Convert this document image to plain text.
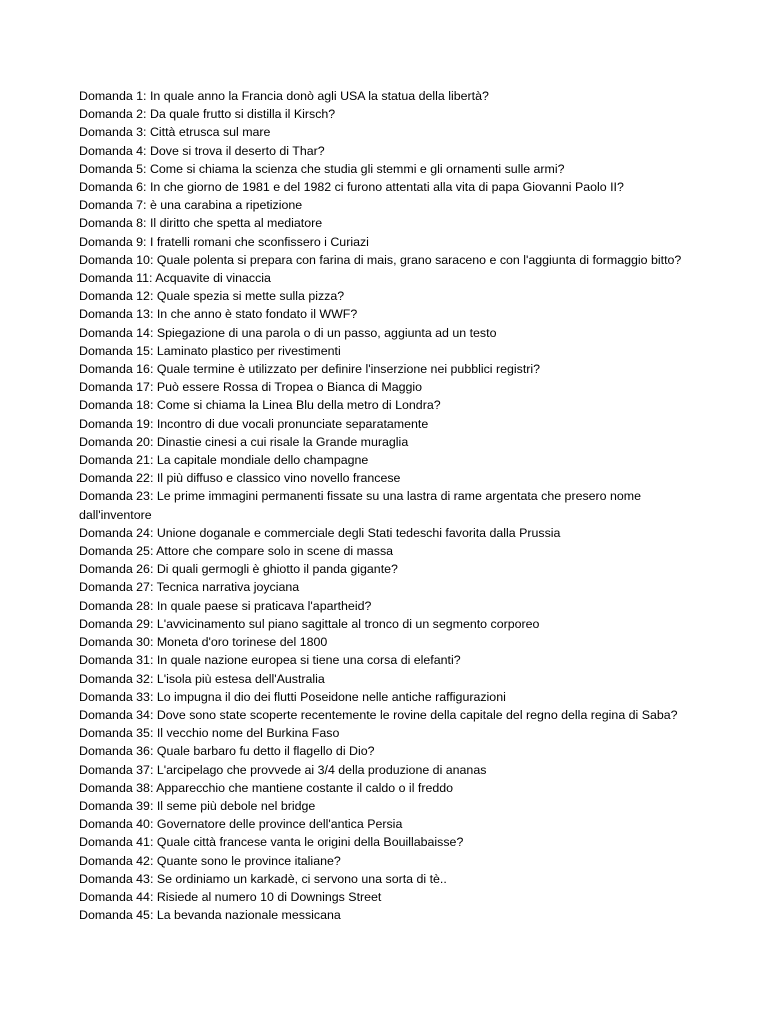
Domanda 1: In quale anno la Francia donò agli USA la statua della libertà?
Domanda 2: Da quale frutto si distilla il Kirsch?
Domanda 3: Città etrusca sul mare
Domanda 4: Dove si trova il deserto di Thar?
Domanda 5: Come si chiama la scienza che studia gli stemmi e gli ornamenti sulle armi?
Domanda 6: In che giorno de 1981 e del 1982 ci furono attentati alla vita di papa Giovanni Paolo II?
Domanda 7: è una carabina a ripetizione
Domanda 8: Il diritto che spetta al mediatore
Domanda 9: I fratelli romani che sconfissero i Curiazi
Domanda 10: Quale polenta si prepara con farina di mais, grano saraceno e con l'aggiunta di formaggio bitto?
Domanda 11: Acquavite di vinaccia
Domanda 12: Quale spezia si mette sulla pizza?
Domanda 13: In che anno è stato fondato il WWF?
Domanda 14: Spiegazione di una parola o di un passo, aggiunta ad un testo
Domanda 15: Laminato plastico per rivestimenti
Domanda 16: Quale termine è utilizzato per definire l'inserzione nei pubblici registri?
Domanda 17: Può essere Rossa di Tropea o Bianca di Maggio
Domanda 18: Come si chiama la Linea Blu della metro di Londra?
Domanda 19: Incontro di due vocali pronunciate separatamente
Domanda 20: Dinastie cinesi a cui risale la Grande muraglia
Domanda 21: La capitale mondiale dello champagne
Domanda 22: Il più diffuso e classico vino novello francese
Domanda 23: Le prime immagini permanenti fissate su una lastra di rame argentata che presero nome dall'inventore
Domanda 24: Unione doganale e commerciale degli Stati tedeschi favorita dalla Prussia
Domanda 25: Attore che compare solo in scene di massa
Domanda 26: Di quali germogli è ghiotto il panda gigante?
Domanda 27: Tecnica narrativa joyciana
Domanda 28: In quale paese si praticava l'apartheid?
Domanda 29: L'avvicinamento sul piano sagittale al tronco di un segmento corporeo
Domanda 30: Moneta d'oro torinese del 1800
Domanda 31: In quale nazione europea si tiene una corsa di elefanti?
Domanda 32: L'isola più estesa dell'Australia
Domanda 33: Lo impugna il dio dei flutti Poseidone nelle antiche raffigurazioni
Domanda 34: Dove sono state scoperte recentemente le rovine della capitale del regno della regina di Saba?
Domanda 35: Il vecchio nome del Burkina Faso
Domanda 36: Quale barbaro fu detto il flagello di Dio?
Domanda 37: L'arcipelago che provvede ai 3/4 della produzione di ananas
Domanda 38: Apparecchio che mantiene costante il caldo o il freddo
Domanda 39: Il seme più debole nel bridge
Domanda 40: Governatore delle province dell'antica Persia
Domanda 41: Quale città francese vanta le origini della Bouillabaisse?
Domanda 42: Quante sono le province italiane?
Domanda 43: Se ordiniamo un karkadè, ci servono una sorta di tè..
Domanda 44: Risiede al numero 10 di Downings Street
Domanda 45: La bevanda nazionale messicana
